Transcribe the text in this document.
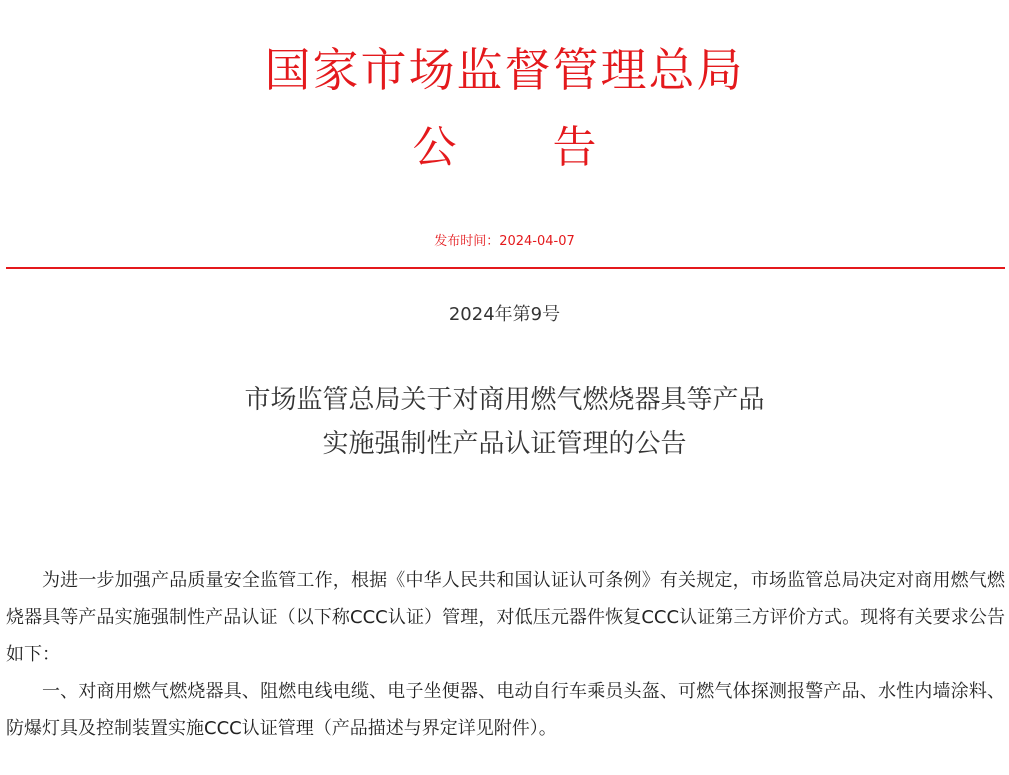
国家市场监督管理总局
公 告
发布时间：2024-04-07
2024年第9号
市场监管总局关于对商用燃气燃烧器具等产品
实施强制性产品认证管理的公告

为进一步加强产品质量安全监管工作，根据《中华人民共和国认证认可条例》有关规定，市场监管总局决定对商用燃气燃烧器具等产品实施强制性产品认证（以下称CCC认证）管理，对低压元器件恢复CCC认证第三方评价方式。现将有关要求公告如下：

一、对商用燃气燃烧器具、阻燃电线电缆、电子坐便器、电动自行车乘员头盔、可燃气体探测报警产品、水性内墙涂料、防爆灯具及控制装置实施CCC认证管理（产品描述与界定详见附件）。
